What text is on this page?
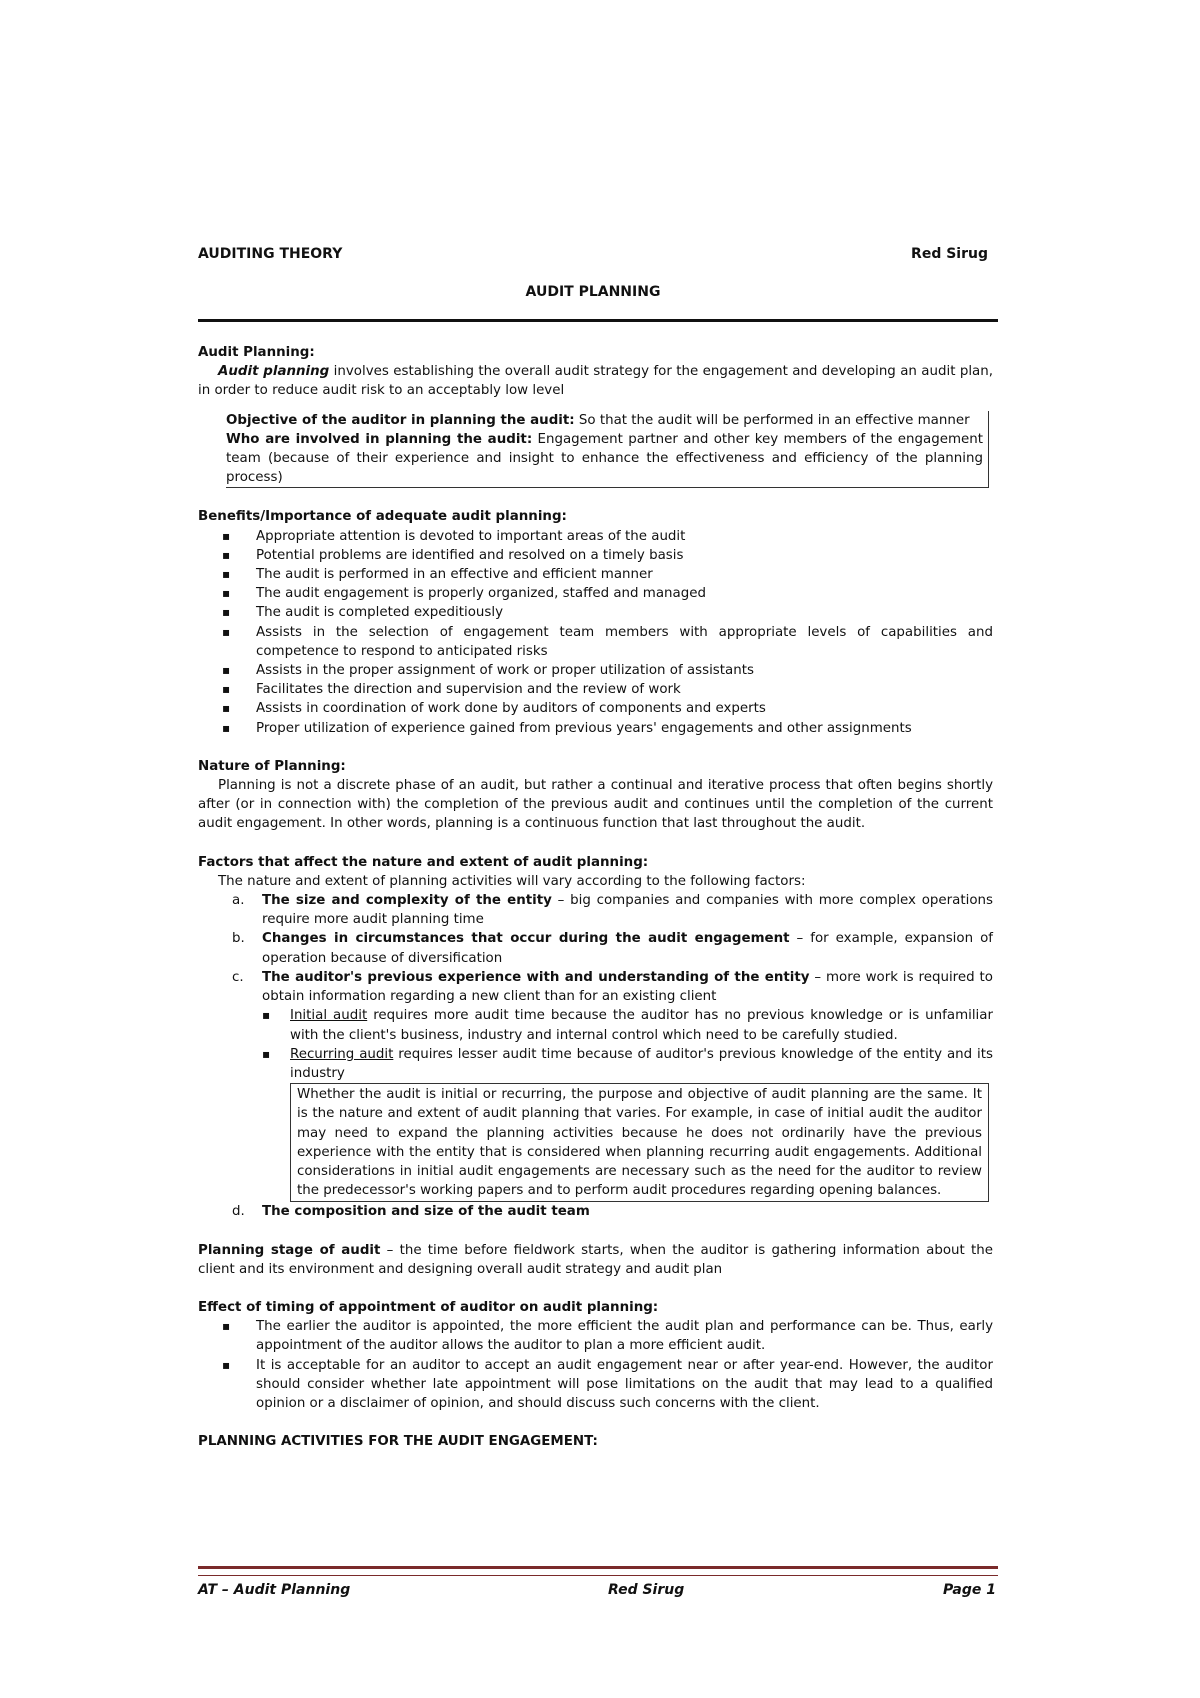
AUDITING THEORY	Red Sirug
AUDIT PLANNING

Audit Planning:

Audit planning involves establishing the overall audit strategy for the engagement and developing an audit plan, in order to reduce audit risk to an acceptably low level

Objective of the auditor in planning the audit: So that the audit will be performed in an effective manner

Who are involved in planning the audit: Engagement partner and other key members of the engagement team (because of their experience and insight to enhance the effectiveness and efficiency of the planning process)

Benefits/Importance of adequate audit planning:

▪ Appropriate attention is devoted to important areas of the audit
▪ Potential problems are identified and resolved on a timely basis
▪ The audit is performed in an effective and efficient manner
▪ The audit engagement is properly organized, staffed and managed
▪ The audit is completed expeditiously
▪ Assists in the selection of engagement team members with appropriate levels of capabilities and competence to respond to anticipated risks
▪ Assists in the proper assignment of work or proper utilization of assistants
▪ Facilitates the direction and supervision and the review of work
▪ Assists in coordination of work done by auditors of components and experts
▪ Proper utilization of experience gained from previous years' engagements and other assignments

Nature of Planning:

Planning is not a discrete phase of an audit, but rather a continual and iterative process that often begins shortly after (or in connection with) the completion of the previous audit and continues until the completion of the current audit engagement. In other words, planning is a continuous function that last throughout the audit.

Factors that affect the nature and extent of audit planning:

The nature and extent of planning activities will vary according to the following factors:

a. The size and complexity of the entity – big companies and companies with more complex operations require more audit planning time
b. Changes in circumstances that occur during the audit engagement – for example, expansion of operation because of diversification
c. The auditor's previous experience with and understanding of the entity – more work is required to obtain information regarding a new client than for an existing client
▪ Initial audit requires more audit time because the auditor has no previous knowledge or is unfamiliar with the client's business, industry and internal control which need to be carefully studied.
▪ Recurring audit requires lesser audit time because of auditor's previous knowledge of the entity and its industry

Whether the audit is initial or recurring, the purpose and objective of audit planning are the same. It is the nature and extent of audit planning that varies. For example, in case of initial audit the auditor may need to expand the planning activities because he does not ordinarily have the previous experience with the entity that is considered when planning recurring audit engagements. Additional considerations in initial audit engagements are necessary such as the need for the auditor to review the predecessor's working papers and to perform audit procedures regarding opening balances.

d. The composition and size of the audit team

Planning stage of audit – the time before fieldwork starts, when the auditor is gathering information about the client and its environment and designing overall audit strategy and audit plan

Effect of timing of appointment of auditor on audit planning:

▪ The earlier the auditor is appointed, the more efficient the audit plan and performance can be. Thus, early appointment of the auditor allows the auditor to plan a more efficient audit.
▪ It is acceptable for an auditor to accept an audit engagement near or after year-end. However, the auditor should consider whether late appointment will pose limitations on the audit that may lead to a qualified opinion or a disclaimer of opinion, and should discuss such concerns with the client.

PLANNING ACTIVITIES FOR THE AUDIT ENGAGEMENT:

AT – Audit Planning	Red Sirug	Page 1
